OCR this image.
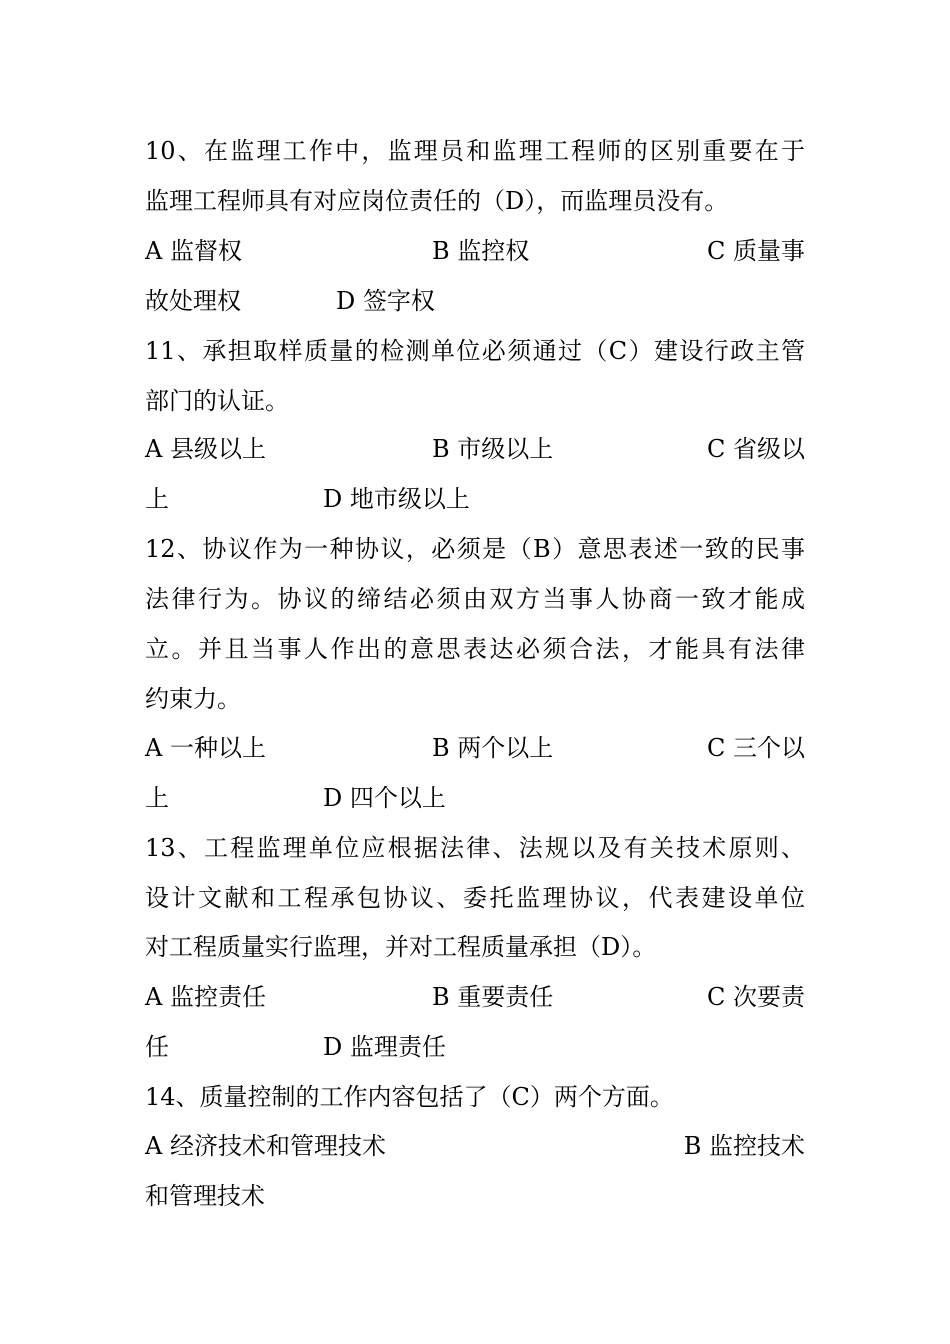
10、在监理工作中，监理员和监理工程师的区别重要在于
监理工程师具有对应岗位责任的（D），而监理员没有。
A 监督权	B 监控权	C 质量事
故处理权	D 签字权
11、承担取样质量的检测单位必须通过（C）建设行政主管
部门的认证。
A 县级以上	B 市级以上	C 省级以
上	D 地市级以上
12、协议作为一种协议，必须是（B）意思表述一致的民事
法律行为。协议的缔结必须由双方当事人协商一致才能成
立。并且当事人作出的意思表达必须合法，才能具有法律
约束力。
A 一种以上	B 两个以上	C 三个以
上	D 四个以上
13、工程监理单位应根据法律、法规以及有关技术原则、
设计文献和工程承包协议、委托监理协议，代表建设单位
对工程质量实行监理，并对工程质量承担（D）。
A 监控责任	B 重要责任	C 次要责
任	D 监理责任
14、质量控制的工作内容包括了（C）两个方面。
A 经济技术和管理技术	B 监控技术
和管理技术
